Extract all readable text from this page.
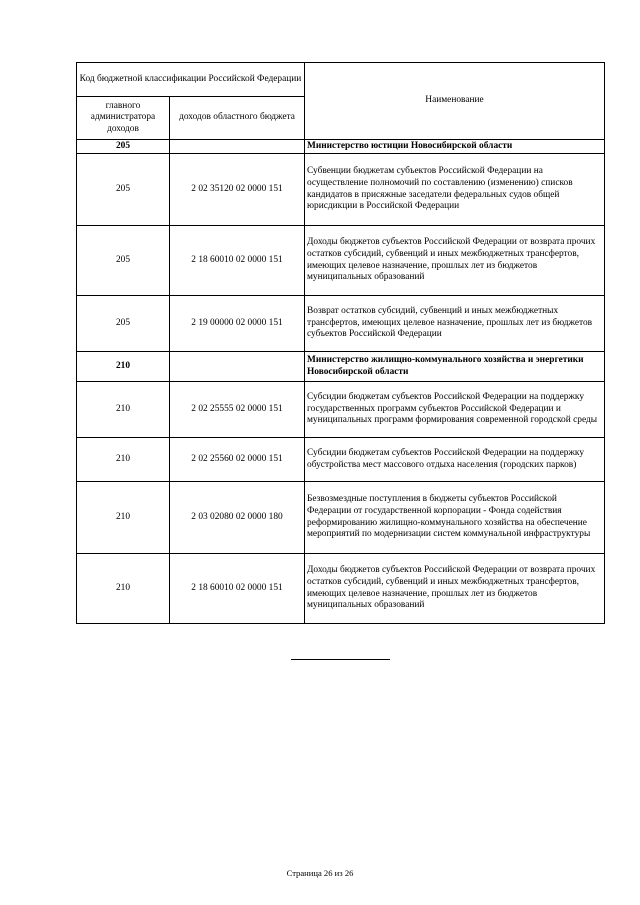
Код бюджетной классификации Российской Федерации		Наименование
главного администратора доходов	доходов областного бюджета	
205		Министерство юстиции Новосибирской области
205	2 02 35120 02 0000 151	Субвенции бюджетам субъектов Российской Федерации на осуществление полномочий по составлению (изменению) списков кандидатов в присяжные заседатели федеральных судов общей юрисдикции в Российской Федерации
205	2 18 60010 02 0000 151	Доходы бюджетов субъектов Российской Федерации от возврата прочих остатков субсидий, субвенций и иных межбюджетных трансфертов, имеющих целевое назначение, прошлых лет из бюджетов муниципальных образований
205	2 19 00000 02 0000 151	Возврат остатков субсидий, субвенций и иных межбюджетных трансфертов, имеющих целевое назначение, прошлых лет из бюджетов субъектов Российской Федерации
210		Министерство жилищно-коммунального хозяйства и энергетики Новосибирской области
210	2 02 25555 02 0000 151	Субсидии бюджетам субъектов Российской Федерации на поддержку государственных программ субъектов Российской Федерации и муниципальных программ формирования современной городской среды
210	2 02 25560 02 0000 151	Субсидии бюджетам субъектов Российской Федерации на поддержку обустройства мест массового отдыха населения (городских парков)
210	2 03 02080 02 0000 180	Безвозмездные поступления в бюджеты субъектов Российской Федерации от государственной корпорации - Фонда содействия реформированию жилищно-коммунального хозяйства на обеспечение мероприятий по модернизации систем коммунальной инфраструктуры
210	2 18 60010 02 0000 151	Доходы бюджетов субъектов Российской Федерации от возврата прочих остатков субсидий, субвенций и иных межбюджетных трансфертов, имеющих целевое назначение, прошлых лет из бюджетов муниципальных образований
Страница 26 из 26
